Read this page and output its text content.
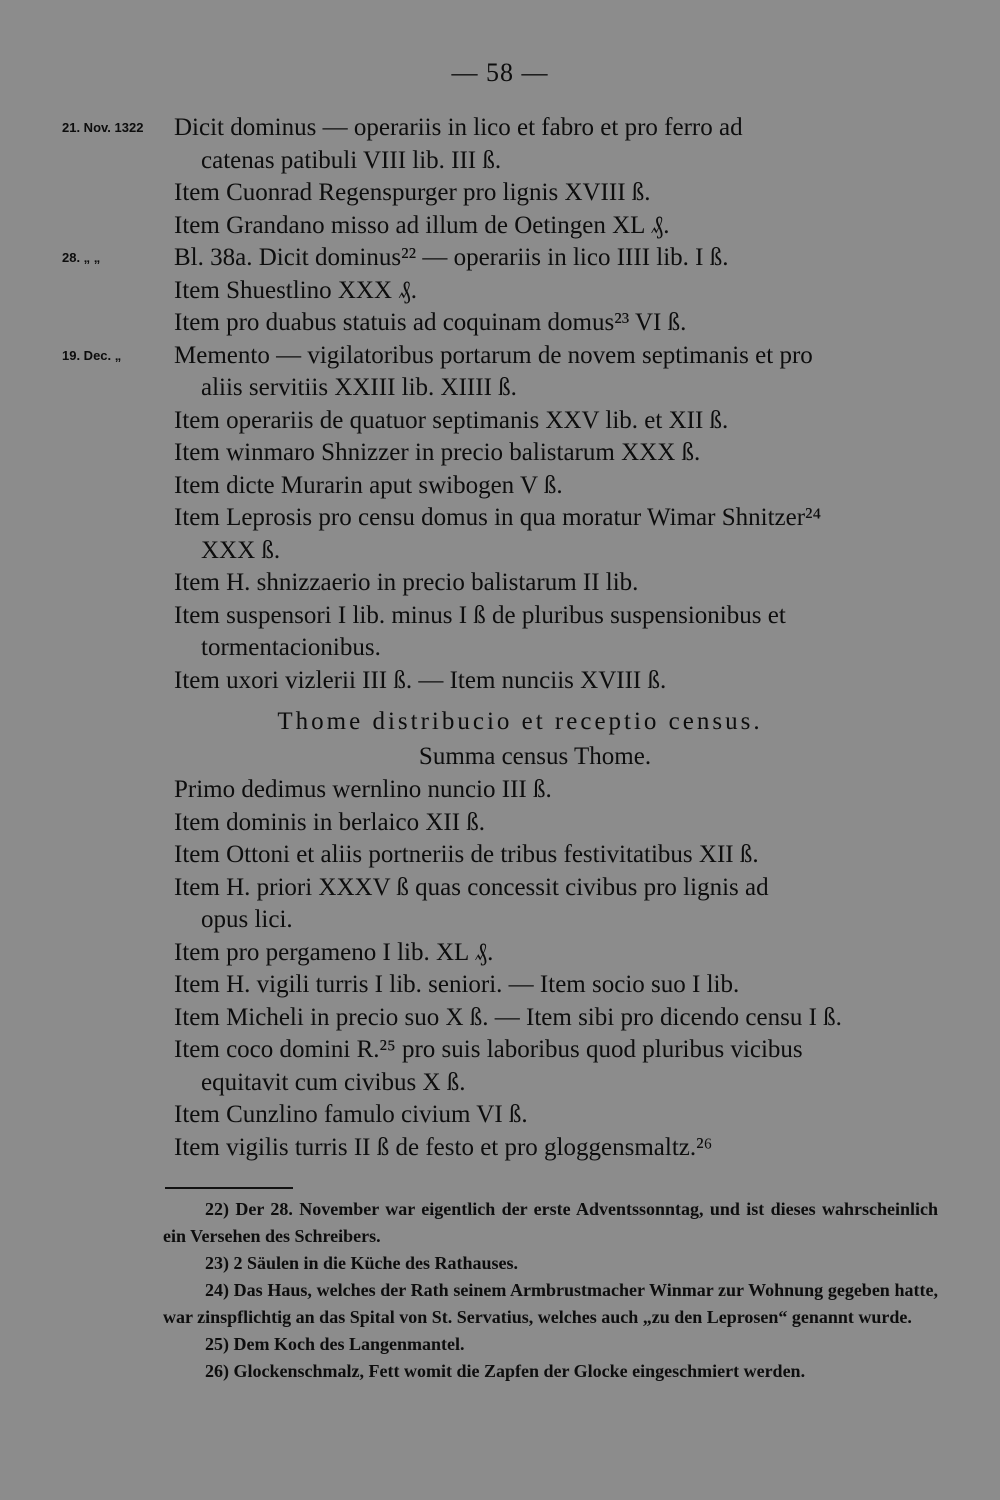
— 58 —
21. Nov. 1322 Dicit dominus — operariis in lico et fabro et pro ferro ad
catenas patibuli VIII lib. III ß.
Item Cuonrad Regenspurger pro lignis XVIII ß.
Item Grandano misso ad illum de Oetingen XL ₰.
28. „ „	Bl. 38a. Dicit dominus²² — operariis in lico IIII lib. I ß.
Item Shuestlino XXX ₰.
Item pro duabus statuis ad coquinam domus²³ VI ß.
19. Dec. „ Memento — vigilatoribus portarum de novem septimanis et pro
aliis servitiis XXIII lib. XIIII ß.
Item operariis de quatuor septimanis XXV lib. et XII ß.
Item winmaro Shnizzer in precio balistarum XXX ß.
Item dicte Murarin aput swibogen V ß.
Item Leprosis pro censu domus in qua moratur Wimar Shnitzer²⁴
XXX ß.
Item H. shnizzaerio in precio balistarum II lib.
Item suspensori I lib. minus I ß de pluribus suspensionibus et
tormentacionibus.
Item uxori vizlerii III ß. — Item nunciis XVIII ß.
Thome distribucio et receptio census.
Summa census Thome.
Primo dedimus wernlino nuncio III ß.
Item dominis in berlaico XII ß.
Item Ottoni et aliis portneriis de tribus festivitatibus XII ß.
Item H. priori XXXV ß quas concessit civibus pro lignis ad
opus lici.
Item pro pergameno I lib. XL ₰.
Item H. vigili turris I lib. seniori. — Item socio suo I lib.
Item Micheli in precio suo X ß. — Item sibi pro dicendo censu I ß.
Item coco domini R.²⁵ pro suis laboribus quod pluribus vicibus
equitavit cum civibus X ß.
Item Cunzlino famulo civium VI ß.
Item vigilis turris II ß de festo et pro gloggensmaltz.²⁶

22) Der 28. November war eigentlich der erste Adventssonntag, und ist dieses wahrscheinlich ein Versehen des Schreibers.

23) 2 Säulen in die Küche des Rathauses.

24) Das Haus, welches der Rath seinem Armbrustmacher Winmar zur Wohnung gegeben hatte, war zinspflichtig an das Spital von St. Servatius, welches auch „zu den Leprosen“ genannt wurde.

25) Dem Koch des Langenmantel.

26) Glockenschmalz, Fett womit die Zapfen der Glocke eingeschmiert werden.
